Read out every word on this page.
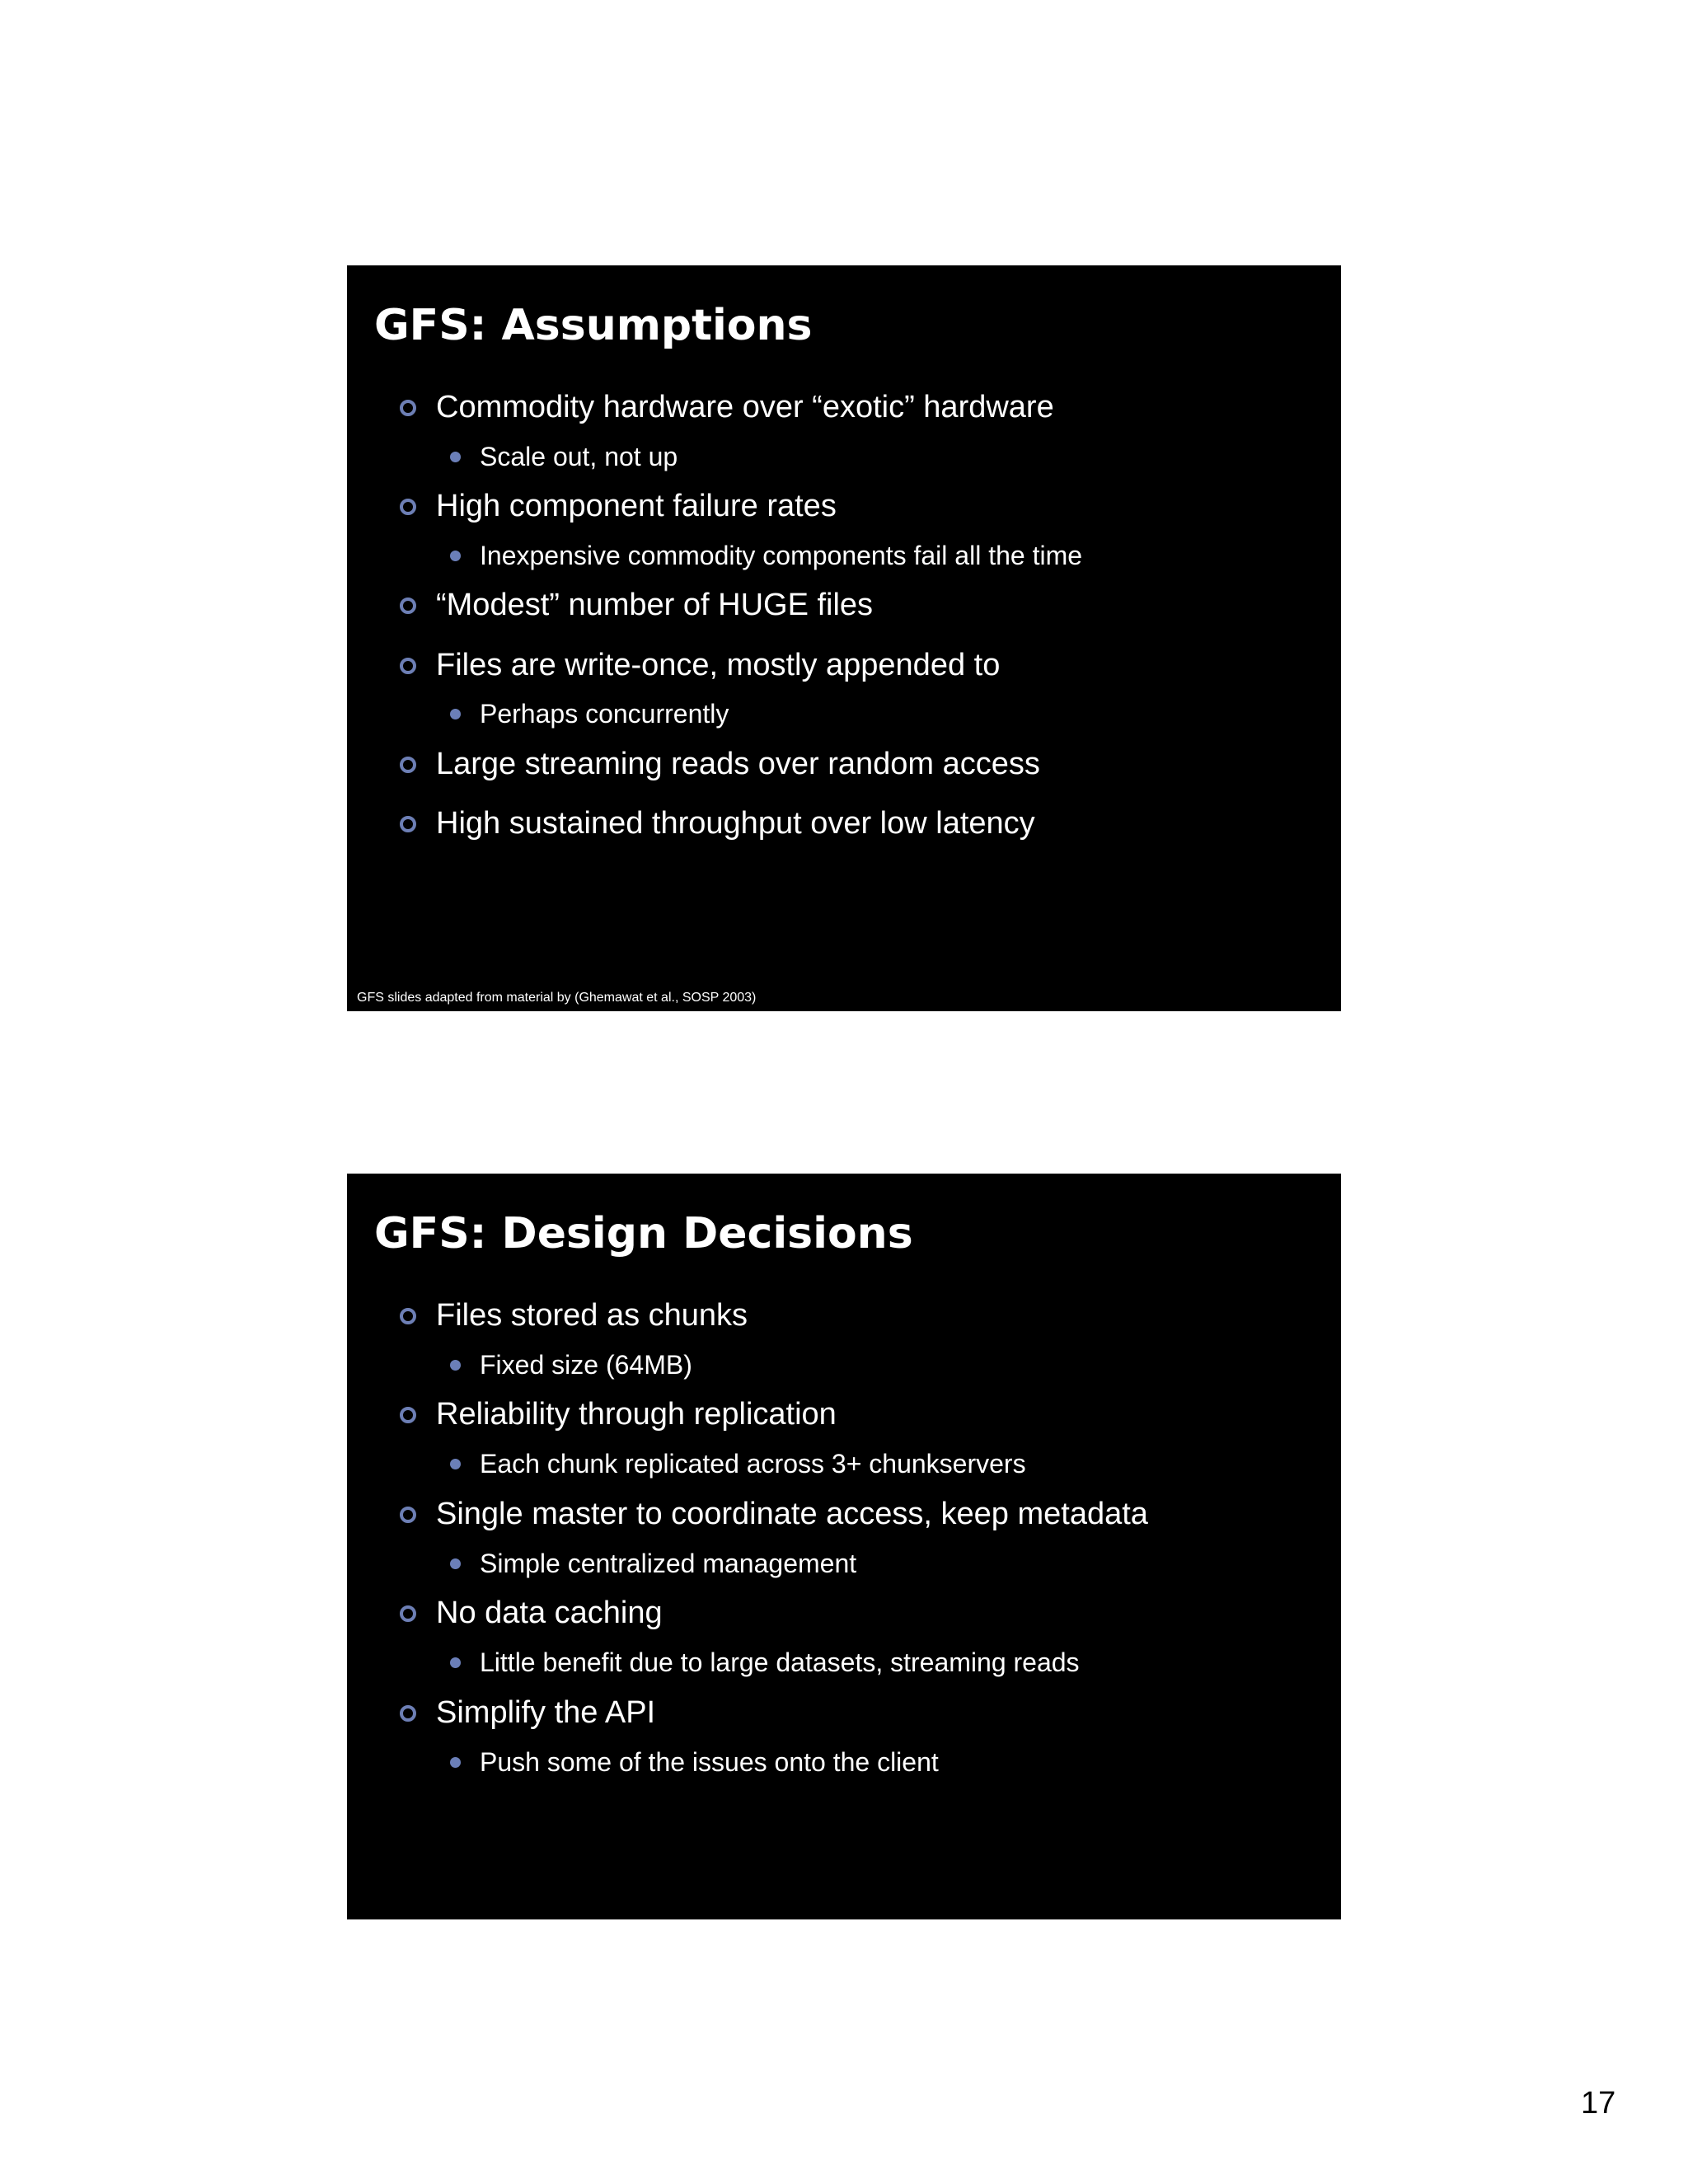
GFS: Assumptions
Commodity hardware over “exotic” hardware
Scale out, not up
High component failure rates
Inexpensive commodity components fail all the time
“Modest” number of HUGE files
Files are write-once, mostly appended to
Perhaps concurrently
Large streaming reads over random access
High sustained throughput over low latency
GFS slides adapted from material by (Ghemawat et al., SOSP 2003)
GFS: Design Decisions
Files stored as chunks
Fixed size (64MB)
Reliability through replication
Each chunk replicated across 3+ chunkservers
Single master to coordinate access, keep metadata
Simple centralized management
No data caching
Little benefit due to large datasets, streaming reads
Simplify the API
Push some of the issues onto the client
17
